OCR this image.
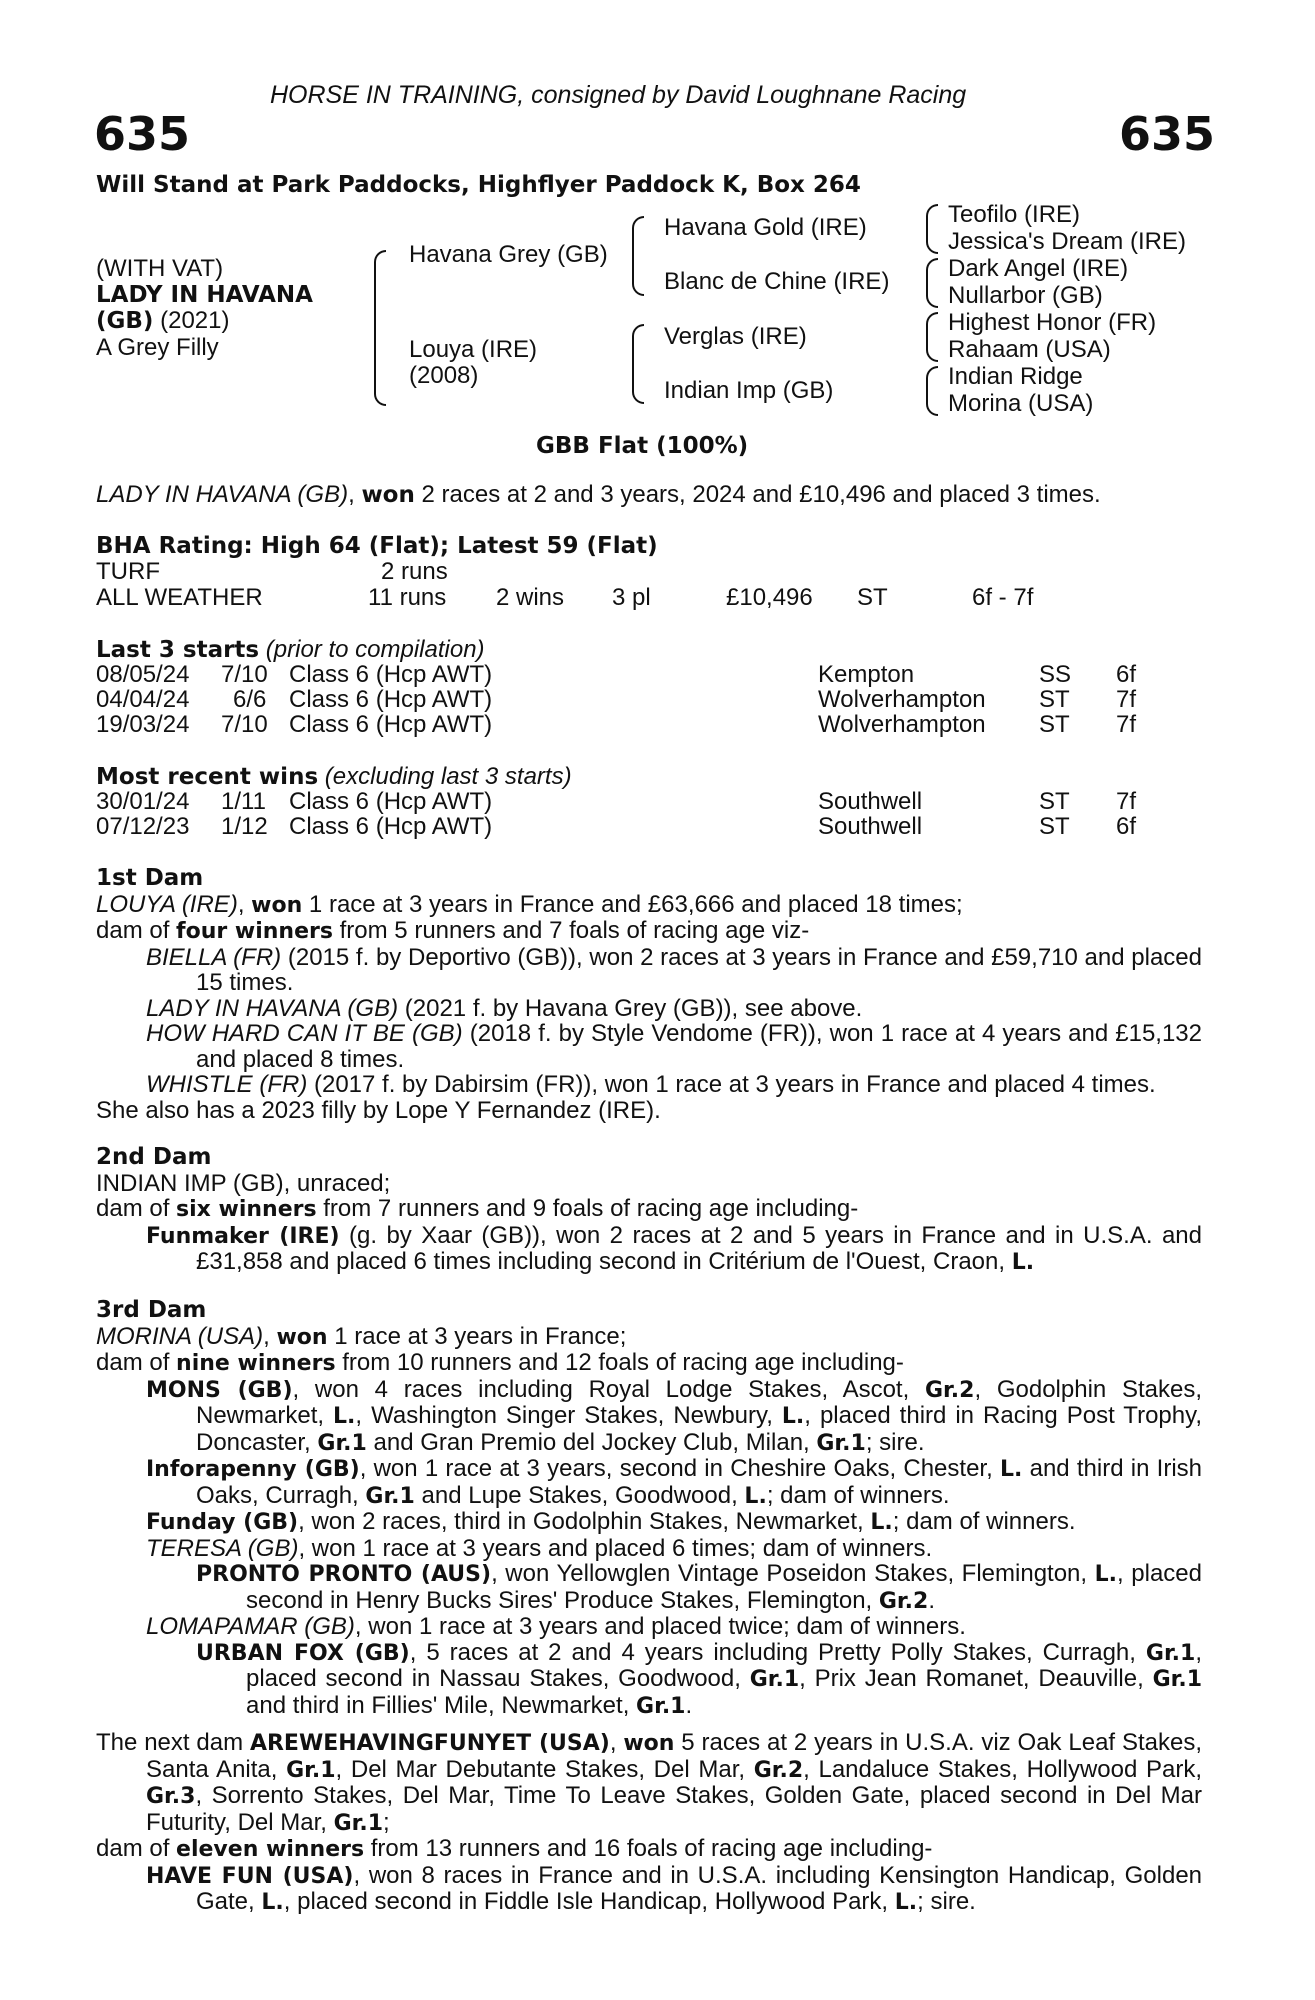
HORSE IN TRAINING, consigned by David Loughnane Racing
635	635
Will Stand at Park Paddocks, Highflyer Paddock K, Box 264
(WITH VAT)
LADY IN HAVANA
(GB) (2021)
A Grey Filly
Havana Grey (GB)
Louya (IRE)
(2008)
Havana Gold (IRE)
Blanc de Chine (IRE)
Verglas (IRE)
Indian Imp (GB)
Teofilo (IRE)
Jessica's Dream (IRE)
Dark Angel (IRE)
Nullarbor (GB)
Highest Honor (FR)
Rahaam (USA)
Indian Ridge
Morina (USA)
GBB Flat (100%)
LADY IN HAVANA (GB), won 2 races at 2 and 3 years, 2024 and £10,496 and placed 3 times.
BHA Rating: High 64 (Flat); Latest 59 (Flat)
TURF	2 runs
ALL WEATHER	11 runs 2 wins 3 pl	£10,496 ST	6f - 7f
Last 3 starts (prior to compilation)
08/05/24 7/10 Class 6 (Hcp AWT)	Kempton	SS 6f
04/04/24 6/6 Class 6 (Hcp AWT)	Wolverhampton ST 7f
19/03/24 7/10 Class 6 (Hcp AWT)	Wolverhampton ST 7f
Most recent wins (excluding last 3 starts)
30/01/24 1/11 Class 6 (Hcp AWT)	Southwell	ST 7f
07/12/23 1/12 Class 6 (Hcp AWT)	Southwell	ST 6f

1st Dam

LOUYA (IRE), won 1 race at 3 years in France and £63,666 and placed 18 times;

dam of four winners from 5 runners and 7 foals of racing age viz-

BIELLA (FR) (2015 f. by Deportivo (GB)), won 2 races at 3 years in France and £59,710 and placed 15 times.

LADY IN HAVANA (GB) (2021 f. by Havana Grey (GB)), see above.

HOW HARD CAN IT BE (GB) (2018 f. by Style Vendome (FR)), won 1 race at 4 years and £15,132 and placed 8 times.

WHISTLE (FR) (2017 f. by Dabirsim (FR)), won 1 race at 3 years in France and placed 4 times.

She also has a 2023 filly by Lope Y Fernandez (IRE).

2nd Dam

INDIAN IMP (GB), unraced;

dam of six winners from 7 runners and 9 foals of racing age including-

Funmaker (IRE) (g. by Xaar (GB)), won 2 races at 2 and 5 years in France and in U.S.A. and £31,858 and placed 6 times including second in Critérium de l'Ouest, Craon, L.

3rd Dam

MORINA (USA), won 1 race at 3 years in France;

dam of nine winners from 10 runners and 12 foals of racing age including-

MONS (GB), won 4 races including Royal Lodge Stakes, Ascot, Gr.2, Godolphin Stakes, Newmarket, L., Washington Singer Stakes, Newbury, L., placed third in Racing Post Trophy, Doncaster, Gr.1 and Gran Premio del Jockey Club, Milan, Gr.1; sire.

Inforapenny (GB), won 1 race at 3 years, second in Cheshire Oaks, Chester, L. and third in Irish Oaks, Curragh, Gr.1 and Lupe Stakes, Goodwood, L.; dam of winners.

Funday (GB), won 2 races, third in Godolphin Stakes, Newmarket, L.; dam of winners.

TERESA (GB), won 1 race at 3 years and placed 6 times; dam of winners.

PRONTO PRONTO (AUS), won Yellowglen Vintage Poseidon Stakes, Flemington, L., placed second in Henry Bucks Sires' Produce Stakes, Flemington, Gr.2.

LOMAPAMAR (GB), won 1 race at 3 years and placed twice; dam of winners.

URBAN FOX (GB), 5 races at 2 and 4 years including Pretty Polly Stakes, Curragh, Gr.1, placed second in Nassau Stakes, Goodwood, Gr.1, Prix Jean Romanet, Deauville, Gr.1 and third in Fillies' Mile, Newmarket, Gr.1.

The next dam AREWEHAVINGFUNYET (USA), won 5 races at 2 years in U.S.A. viz Oak Leaf Stakes, Santa Anita, Gr.1, Del Mar Debutante Stakes, Del Mar, Gr.2, Landaluce Stakes, Hollywood Park, Gr.3, Sorrento Stakes, Del Mar, Time To Leave Stakes, Golden Gate, placed second in Del Mar Futurity, Del Mar, Gr.1;

dam of eleven winners from 13 runners and 16 foals of racing age including-

HAVE FUN (USA), won 8 races in France and in U.S.A. including Kensington Handicap, Golden Gate, L., placed second in Fiddle Isle Handicap, Hollywood Park, L.; sire.
